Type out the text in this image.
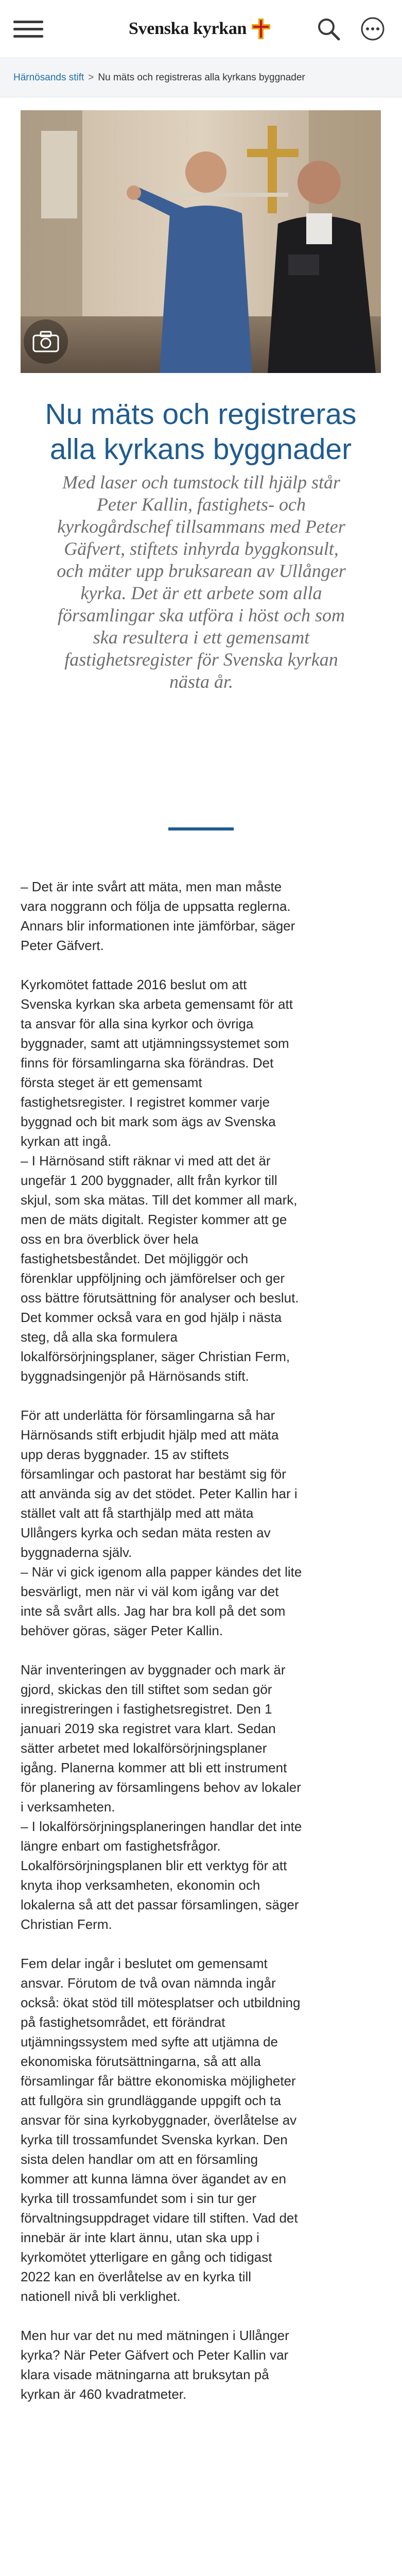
Svenska kyrkan
Härnösands stift > Nu mäts och registreras alla kyrkans byggnader
Nu mäts och registreras
alla kyrkans byggnader

Med laser och tumstock till hjälp står
Peter Kallin, fastighets- och
kyrkogårdschef tillsammans med Peter
Gäfvert, stiftets inhyrda byggkonsult,
och mäter upp bruksarean av Ullånger
kyrka. Det är ett arbete som alla
församlingar ska utföra i höst och som
ska resultera i ett gemensamt
fastighetsregister för Svenska kyrkan
nästa år.

– Det är inte svårt att mäta, men man måste
vara noggrann och följa de uppsatta reglerna.
Annars blir informationen inte jämförbar, säger
Peter Gäfvert.

Kyrkomötet fattade 2016 beslut om att
Svenska kyrkan ska arbeta gemensamt för att
ta ansvar för alla sina kyrkor och övriga
byggnader, samt att utjämningssystemet som
finns för församlingarna ska förändras. Det
första steget är ett gemensamt
fastighetsregister. I registret kommer varje
byggnad och bit mark som ägs av Svenska
kyrkan att ingå.
– I Härnösand stift räknar vi med att det är
ungefär 1 200 byggnader, allt från kyrkor till
skjul, som ska mätas. Till det kommer all mark,
men de mäts digitalt. Register kommer att ge
oss en bra överblick över hela
fastighetsbeståndet. Det möjliggör och
förenklar uppföljning och jämförelser och ger
oss bättre förutsättning för analyser och beslut.
Det kommer också vara en god hjälp i nästa
steg, då alla ska formulera
lokalförsörjningsplaner, säger Christian Ferm,
byggnadsingenjör på Härnösands stift.

För att underlätta för församlingarna så har
Härnösands stift erbjudit hjälp med att mäta
upp deras byggnader. 15 av stiftets
församlingar och pastorat har bestämt sig för
att använda sig av det stödet. Peter Kallin har i
stället valt att få starthjälp med att mäta
Ullångers kyrka och sedan mäta resten av
byggnaderna själv.
– När vi gick igenom alla papper kändes det lite
besvärligt, men när vi väl kom igång var det
inte så svårt alls. Jag har bra koll på det som
behöver göras, säger Peter Kallin.

När inventeringen av byggnader och mark är
gjord, skickas den till stiftet som sedan gör
inregistreringen i fastighetsregistret. Den 1
januari 2019 ska registret vara klart. Sedan
sätter arbetet med lokalförsörjningsplaner
igång. Planerna kommer att bli ett instrument
för planering av församlingens behov av lokaler
i verksamheten.
– I lokalförsörjningsplaneringen handlar det inte
längre enbart om fastighetsfrågor.
Lokalförsörjningsplanen blir ett verktyg för att
knyta ihop verksamheten, ekonomin och
lokalerna så att det passar församlingen, säger
Christian Ferm.

Fem delar ingår i beslutet om gemensamt
ansvar. Förutom de två ovan nämnda ingår
också: ökat stöd till mötesplatser och utbildning
på fastighetsområdet, ett förändrat
utjämningssystem med syfte att utjämna de
ekonomiska förutsättningarna, så att alla
församlingar får bättre ekonomiska möjligheter
att fullgöra sin grundläggande uppgift och ta
ansvar för sina kyrkobyggnader, överlåtelse av
kyrka till trossamfundet Svenska kyrkan. Den
sista delen handlar om att en församling
kommer att kunna lämna över ägandet av en
kyrka till trossamfundet som i sin tur ger
förvaltningsuppdraget vidare till stiften. Vad det
innebär är inte klart ännu, utan ska upp i
kyrkomötet ytterligare en gång och tidigast
2022 kan en överlåtelse av en kyrka till
nationell nivå bli verklighet.

Men hur var det nu med mätningen i Ullånger
kyrka? När Peter Gäfvert och Peter Kallin var
klara visade mätningarna att bruksytan på
kyrkan är 460 kvadratmeter.
